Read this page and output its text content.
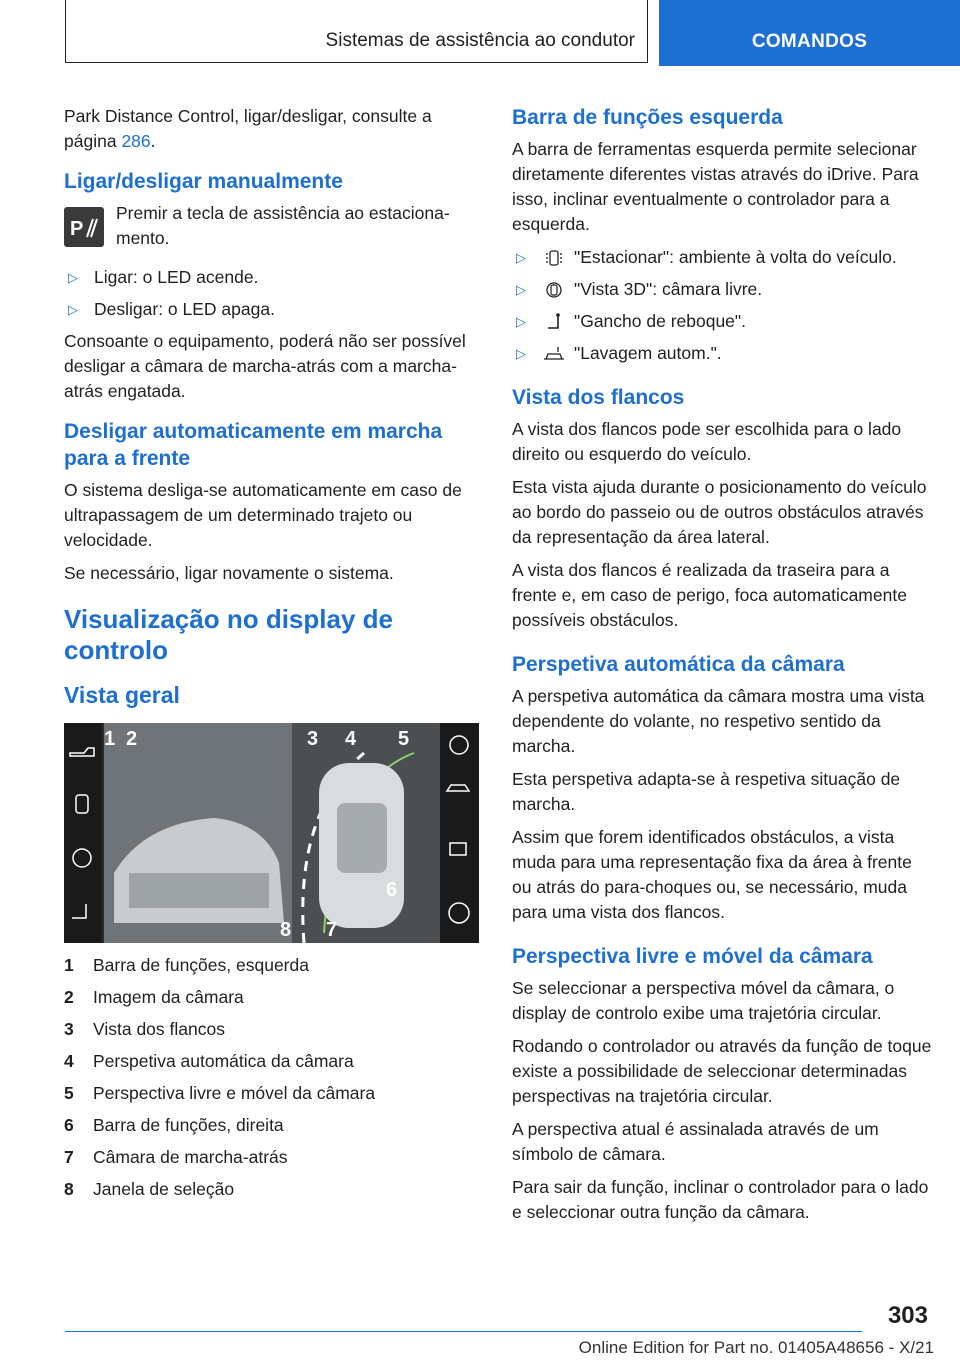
Sistemas de assistência ao condutor	COMANDOS

Park Distance Control, ligar/desligar, consulte a página 286.

Ligar/desligar manualmente
P
Premir a tecla de assistência ao estacionamento.
▷ Ligar: o LED acende.
▷ Desligar: o LED apaga.

Consoante o equipamento, poderá não ser possível desligar a câmara de marcha-atrás com a marcha-atrás engatada.

Desligar automaticamente em marcha para a frente

O sistema desliga-se automaticamente em caso de ultrapassagem de um determinado trajeto ou velocidade.

Se necessário, ligar novamente o sistema.

Visualização no display de controlo
Vista geral
1 2	3 4 5
6
7
8
1	Barra de funções, esquerda
2	Imagem da câmara
3	Vista dos flancos
4	Perspetiva automática da câmara
5	Perspectiva livre e móvel da câmara
6	Barra de funções, direita
7	Câmara de marcha-atrás
8	Janela de seleção
Barra de funções esquerda

A barra de ferramentas esquerda permite selecionar diretamente diferentes vistas através do iDrive. Para isso, inclinar eventualmente o controlador para a esquerda.

▷	"Estacionar": ambiente à volta do veículo.
▷	"Vista 3D": câmara livre.
▷	"Gancho de reboque".
▷	"Lavagem autom.".
Vista dos flancos

A vista dos flancos pode ser escolhida para o lado direito ou esquerdo do veículo.

Esta vista ajuda durante o posicionamento do veículo ao bordo do passeio ou de outros obstáculos através da representação da área lateral.

A vista dos flancos é realizada da traseira para a frente e, em caso de perigo, foca automaticamente possíveis obstáculos.

Perspetiva automática da câmara

A perspetiva automática da câmara mostra uma vista dependente do volante, no respetivo sentido da marcha.

Esta perspetiva adapta-se à respetiva situação de marcha.

Assim que forem identificados obstáculos, a vista muda para uma representação fixa da área à frente ou atrás do para-choques ou, se necessário, muda para uma vista dos flancos.

Perspectiva livre e móvel da câmara

Se seleccionar a perspectiva móvel da câmara, o display de controlo exibe uma trajetória circular.

Rodando o controlador ou através da função de toque existe a possibilidade de seleccionar determinadas perspectivas na trajetória circular.

A perspectiva atual é assinalada através de um símbolo de câmara.

Para sair da função, inclinar o controlador para o lado e seleccionar outra função da câmara.

303
Online Edition for Part no. 01405A48656 - X/21
